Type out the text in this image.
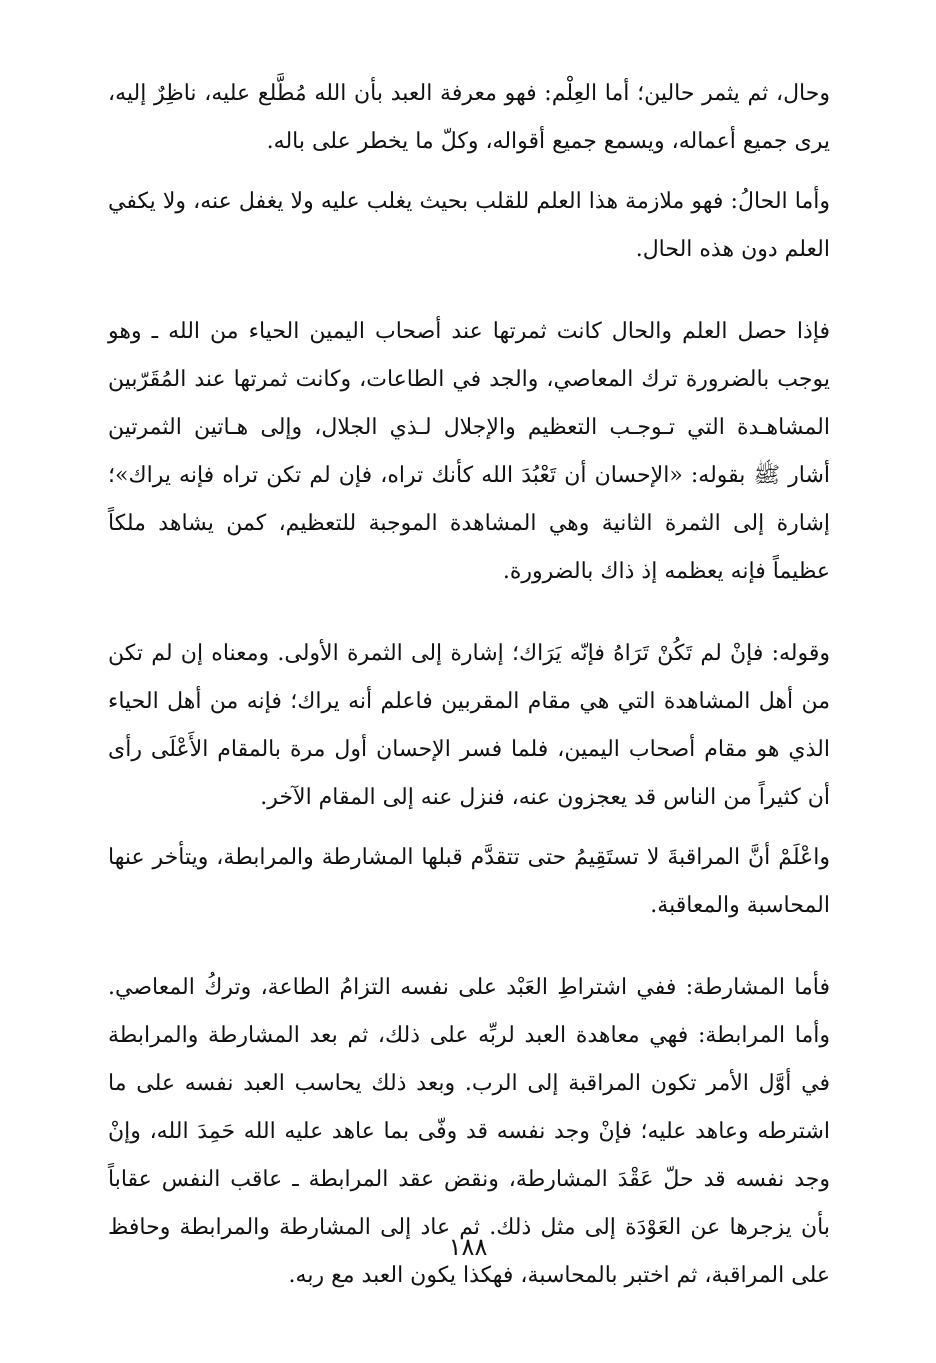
وحال، ثم يثمر حالين؛ أما العِلْم: فهو معرفة العبد بأن الله مُطَّلع عليه، ناظِرٌ إليه، يرى جميع أعماله، ويسمع جميع أقواله، وكلّ ما يخطر على باله.

وأما الحالُ: فهو ملازمة هذا العلم للقلب بحيث يغلب عليه ولا يغفل عنه، ولا يكفي العلم دون هذه الحال.

فإذا حصل العلم والحال كانت ثمرتها عند أصحاب اليمين الحياء من الله ـ وهو يوجب بالضرورة ترك المعاصي، والجد في الطاعات، وكانت ثمرتها عند المُقَرّبين المشاهـدة التي تـوجـب التعظيم والإجلال لـذي الجلال، وإلى هـاتين الثمرتين أشار ﷺ بقوله: «الإحسان أن تَعْبُدَ الله كأنك تراه، فإن لم تكن تراه فإنه يراك»؛ إشارة إلى الثمرة الثانية وهي المشاهدة الموجبة للتعظيم، كمن يشاهد ملكاً عظيماً فإنه يعظمه إذ ذاك بالضرورة.

وقوله: فإنْ لم تَكُنْ تَرَاهُ فإنّه يَرَاك؛ إشارة إلى الثمرة الأولى. ومعناه إن لم تكن من أهل المشاهدة التي هي مقام المقربين فاعلم أنه يراك؛ فإنه من أهل الحياء الذي هو مقام أصحاب اليمين، فلما فسر الإحسان أول مرة بالمقام الأَعْلَى رأى أن كثيراً من الناس قد يعجزون عنه، فنزل عنه إلى المقام الآخر.

واعْلَمْ أنَّ المراقبةَ لا تستَقِيمُ حتى تتقدَّم قبلها المشارطة والمرابطة، ويتأخر عنها المحاسبة والمعاقبة.

فأما المشارطة: ففي اشتراطِ العَبْد على نفسه التزامُ الطاعة، وتركُ المعاصي. وأما المرابطة: فهي معاهدة العبد لربِّه على ذلك، ثم بعد المشارطة والمرابطة في أوَّل الأمر تكون المراقبة إلى الرب. وبعد ذلك يحاسب العبد نفسه على ما اشترطه وعاهد عليه؛ فإنْ وجد نفسه قد وفّى بما عاهد عليه الله حَمِدَ الله، وإنْ وجد نفسه قد حلّ عَقْدَ المشارطة، ونقض عقد المرابطة ـ عاقب النفس عقاباً بأن يزجرها عن العَوْدَة إلى مثل ذلك. ثم عاد إلى المشارطة والمرابطة وحافظ على المراقبة، ثم اختبر بالمحاسبة، فهكذا يكون العبد مع ربه.

١٨٨
